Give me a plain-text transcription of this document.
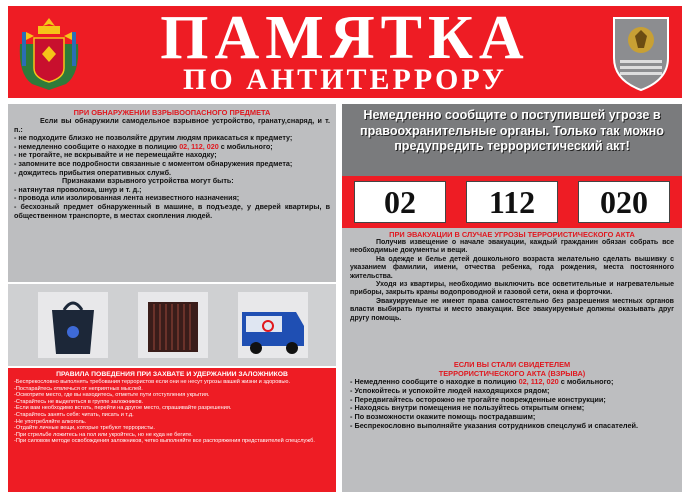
ПАМЯТКА
ПО АНТИТЕРРОРУ
ПРИ ОБНАРУЖЕНИИ ВЗРЫВООПАСНОГО ПРЕДМЕТА
Если вы обнаружили самодельное взрывное устройство, гранату,снаряд, и т. п.:
- не подходите близко не позволяйте другим людям прикасаться к предмету;
- немедленно сообщите о находке в полицию 02, 112, 020 с мобильного;
- не трогайте, не вскрывайте и не перемещайте находку;
- запомните все подробности связанные с моментом обнаружения предмета;
- дождитесь прибытия оперативных служб.
Признаками взрывного устройства могут быть:
- натянутая проволока, шнур и т. д.;
- провода или изолированная лента неизвестного назначения;
- бесхозный предмет обнаруженный в машине, в подъезде, у дверей квартиры, в общественном транспорте, в местах скопления людей.
ПРАВИЛА ПОВЕДЕНИЯ ПРИ ЗАХВАТЕ И УДЕРЖАНИИ ЗАЛОЖНИКОВ
-Беспрекословно выполнять требования террористов если они не несут угрозы вашей жизни и здоровью.
-Постарайтесь отвлечься от неприятных мыслей.
-Осмотрите место, где вы находитесь, отметьте пути отступления укрытия.
-Старайтесь не выделяться в группе заложников.
-Если вам необходимо встать, перейти на другое место, спрашивайте разрешения.
-Старайтесь занять себя: читать, писать и т.д.
-Не употребляйте алкоголь.
-Отдайте личные вещи, которые требуют террористы.
-При стрельбе ложитесь на пол или укройтесь, но не куда не бегите.
-При силовом методе освобождения заложников, четко выполняйте все распоряжения представителей спецслужб.
Немедленно сообщите о поступившей угрозе в правоохранительные органы. Только так можно предупредить террористический акт!
02	112	020
ПРИ ЭВАКУАЦИИ В СЛУЧАЕ УГРОЗЫ ТЕРРОРИСТИЧЕСКОГО АКТА
Получив извещение о начале эвакуации, каждый гражданин обязан собрать все необходимые документы и вещи.
На одежде и белье детей дошкольного возраста желательно сделать вышивку с указанием фамилии, имени, отчества ребенка, года рождения, места постоянного жительства.
Уходя из квартиры, необходимо выключить все осветительные и нагревательные приборы, закрыть краны водопроводной и газовой сети, окна и форточки.
Эвакуируемые не имеют права самостоятельно без разрешения местных органов власти выбирать пункты и место эвакуации. Все эвакуируемые должны оказывать друг другу помощь.
ЕСЛИ ВЫ СТАЛИ СВИДЕТЕЛЕМ
ТЕРРОРИСТИЧЕСКОГО АКТА (ВЗРЫВА)
- Немедленно сообщите о находке в полицию 02, 112, 020 с мобильного;
- Успокойтесь и успокойте людей находящихся рядом;
- Передвигайтесь осторожно не трогайте поврежденные конструкции;
- Находясь внутри помещения не пользуйтесь открытым огнем;
- По возможности окажите помощь пострадавшим;
- Беспрекословно выполняйте указания сотрудников спецслужб и спасателей.
